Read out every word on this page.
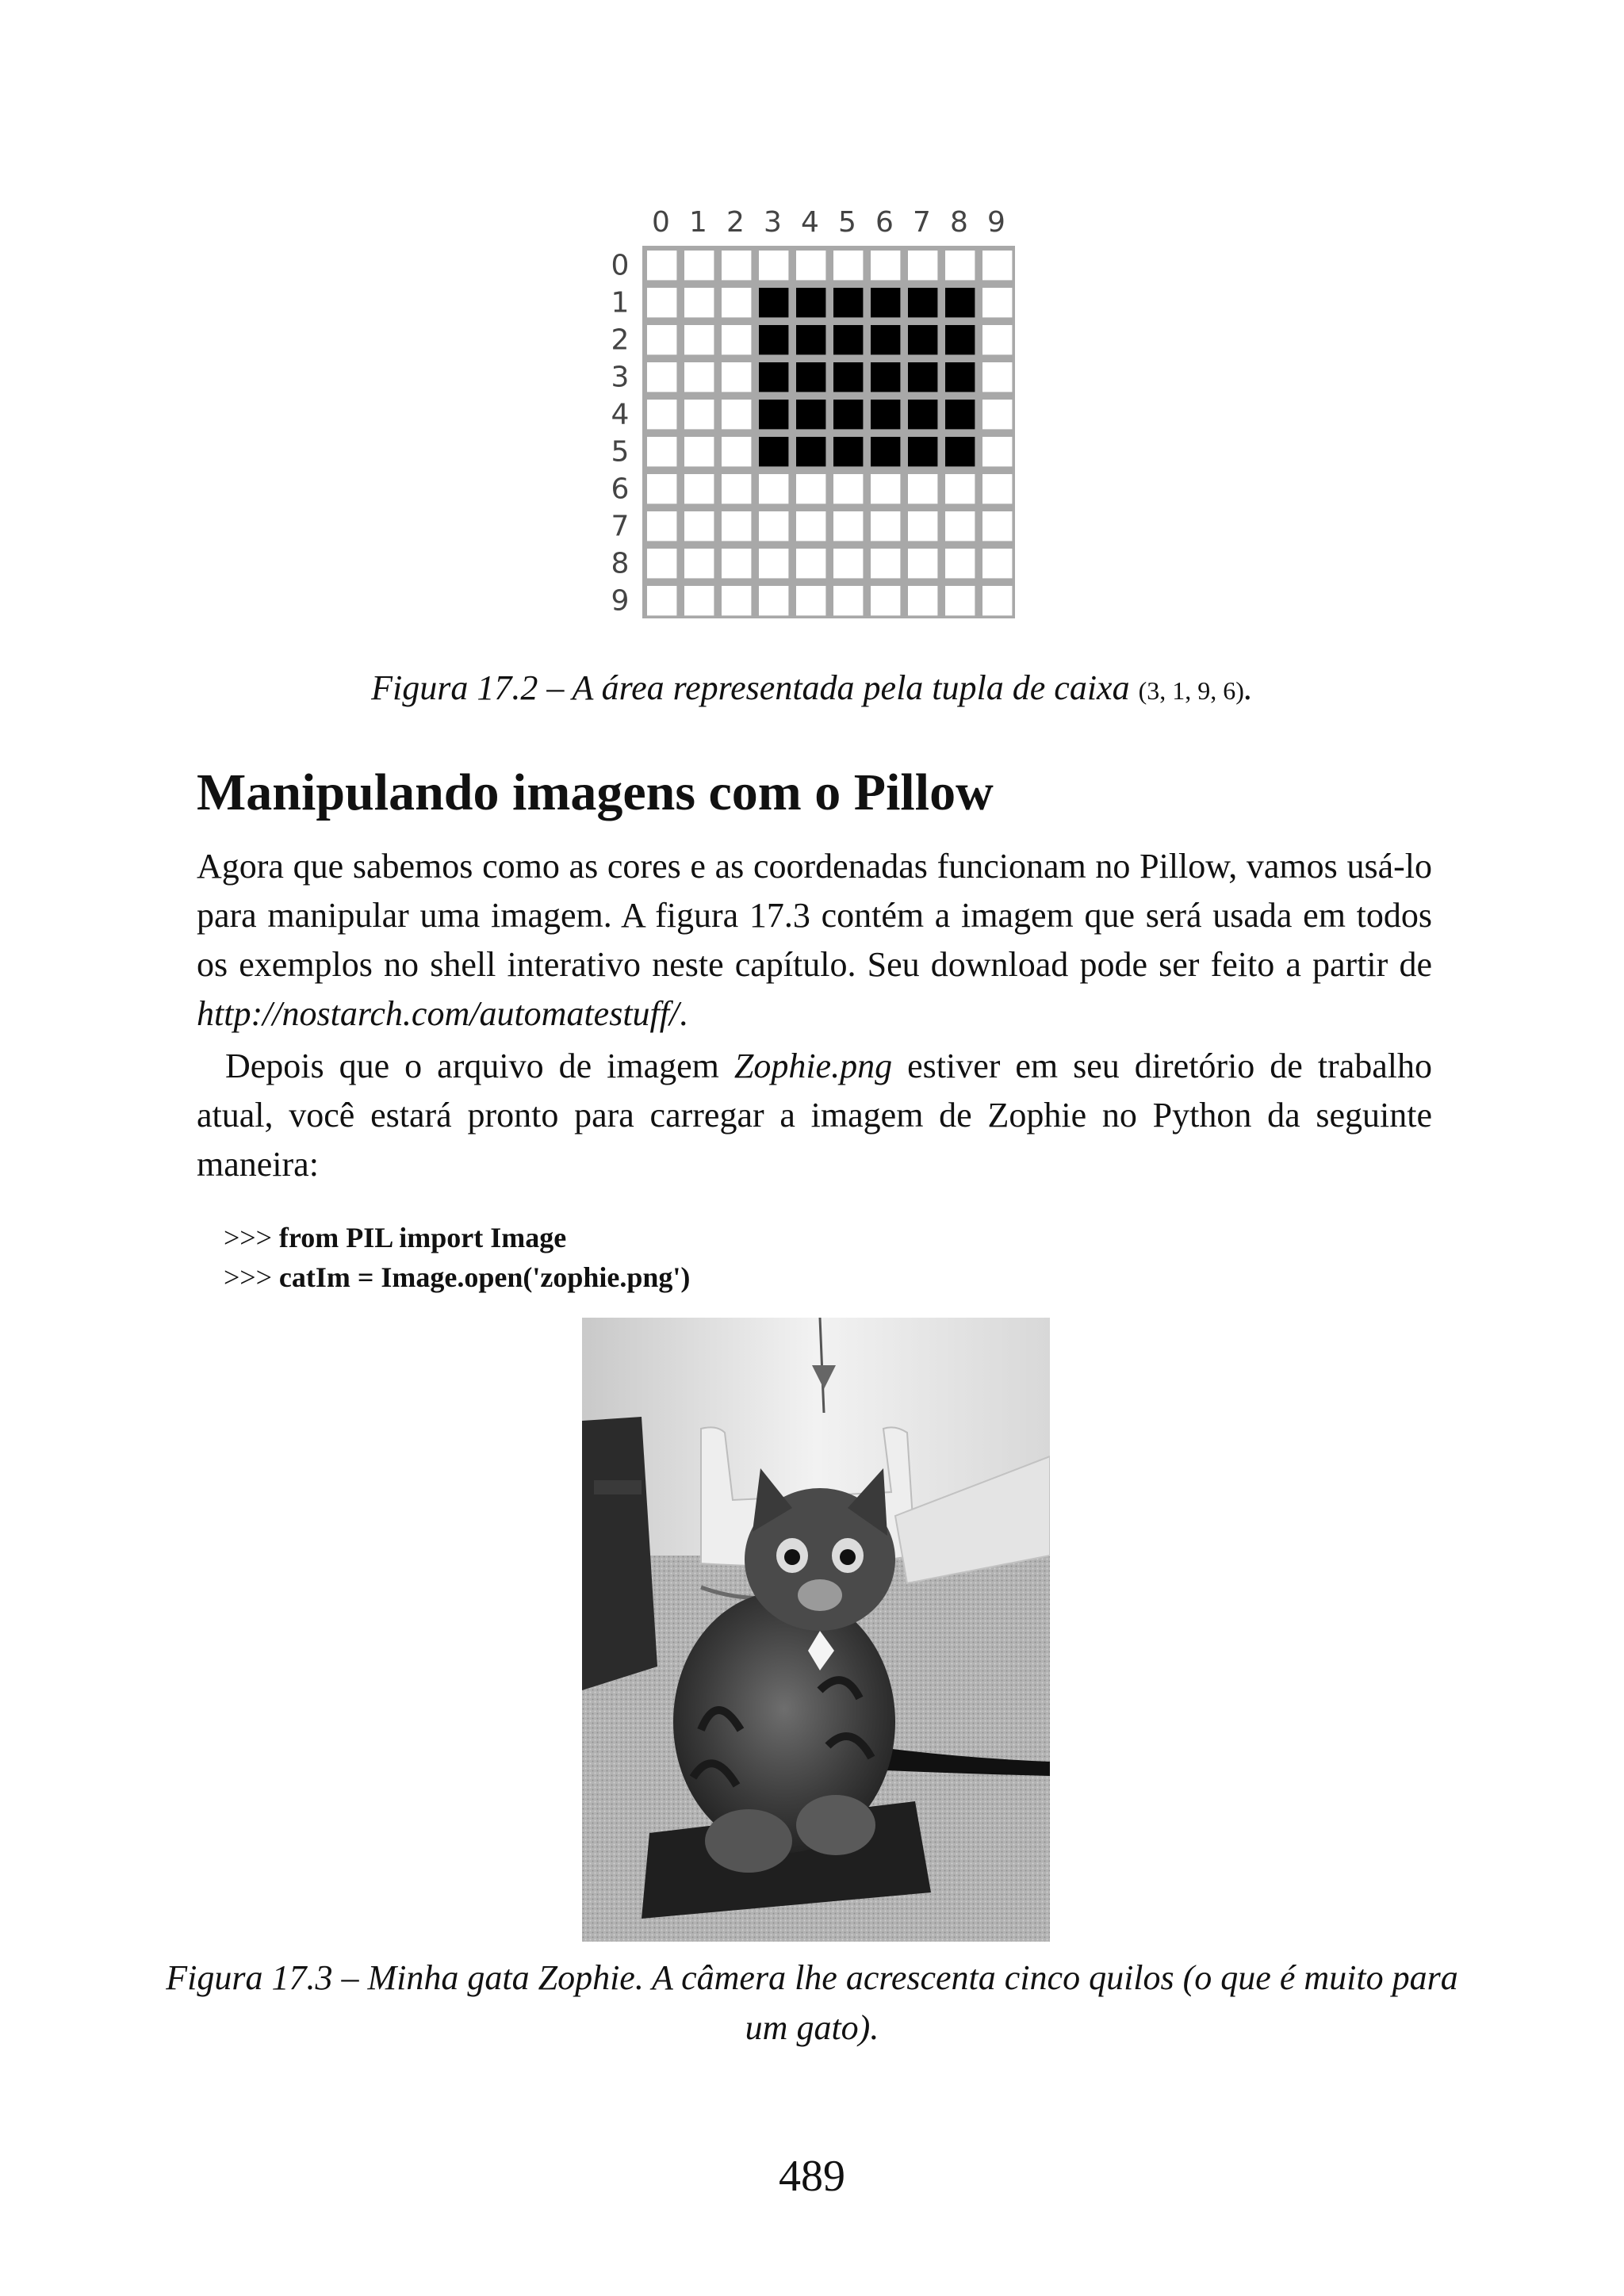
0 1 2 3 4 5 6 7 8 9
0
1
2
3
4
5
6
7
8
9
Figura 17.2 – A área representada pela tupla de caixa (3, 1, 9, 6).
Manipulando imagens com o Pillow

Agora que sabemos como as cores e as coordenadas funcionam no Pillow, vamos usá-lo para manipular uma imagem. A figura 17.3 contém a imagem que será usada em todos os exemplos no shell interativo neste capítulo. Seu download pode ser feito a partir de http://nostarch.com/automatestuff/.

Depois que o arquivo de imagem Zophie.png estiver em seu diretório de trabalho atual, você estará pronto para carregar a imagem de Zophie no Python da seguinte maneira:

>>> from PIL import Image
>>> catIm = Image.open('zophie.png')
Figura 17.3 – Minha gata Zophie. A câmera lhe acrescenta cinco quilos (o que é muito para um gato).
489
